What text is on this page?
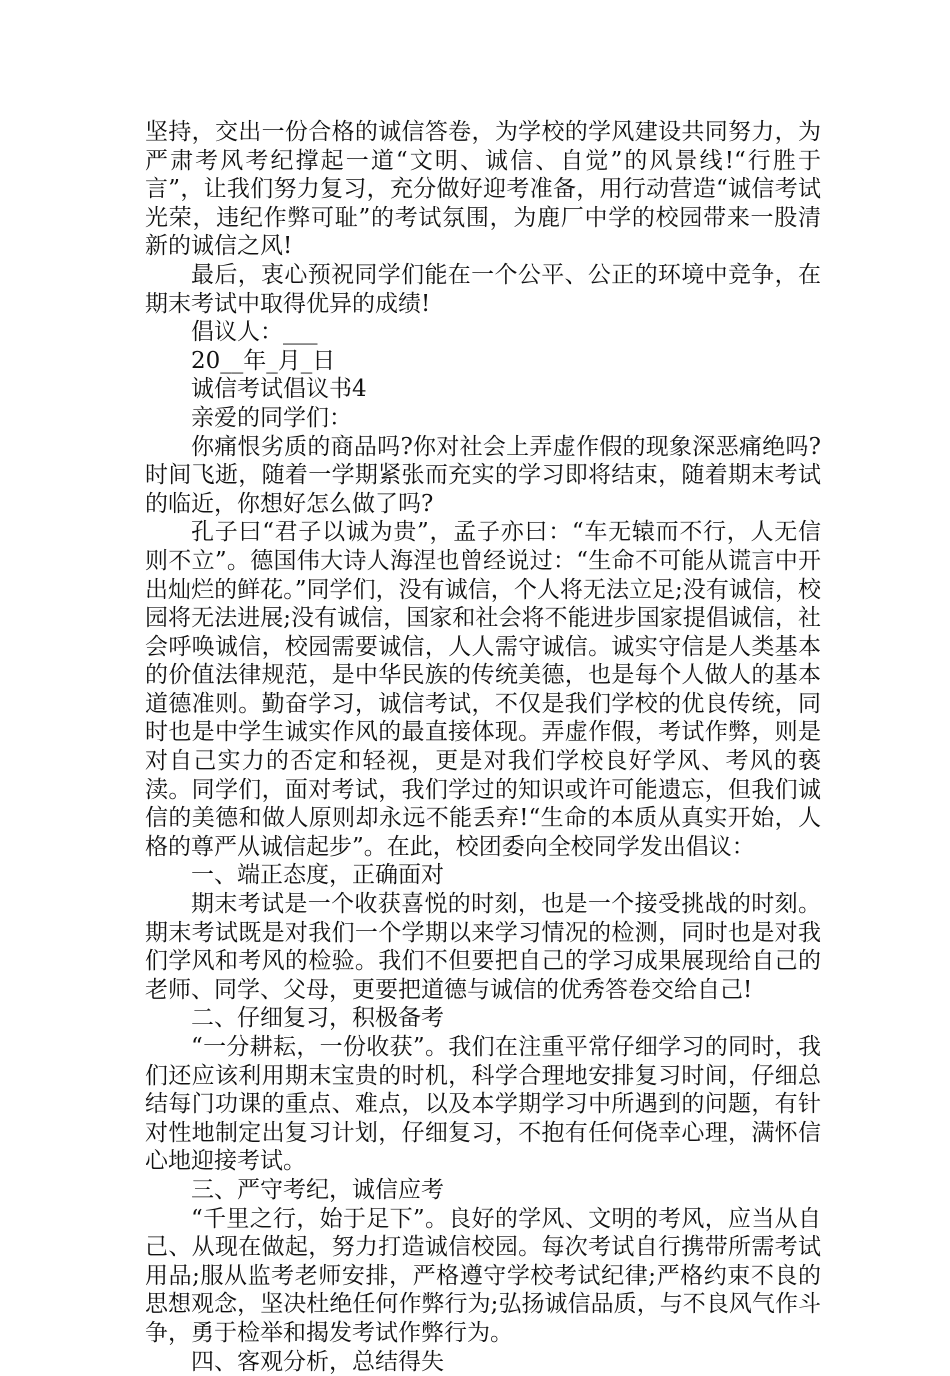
坚持，交出一份合格的诚信答卷，为学校的学风建设共同努力，为严肃考风考纪撑起一道“文明、诚信、自觉”的风景线!“行胜于言”，让我们努力复习，充分做好迎考准备，用行动营造“诚信考试光荣，违纪作弊可耻”的考试氛围，为鹿厂中学的校园带来一股清新的诚信之风!

最后，衷心预祝同学们能在一个公平、公正的环境中竞争，在期末考试中取得优异的成绩!

倡议人：___

20__年_月_日

诚信考试倡议书4

亲爱的同学们：

你痛恨劣质的商品吗?你对社会上弄虚作假的现象深恶痛绝吗?时间飞逝，随着一学期紧张而充实的学习即将结束，随着期末考试的临近，你想好怎么做了吗?

孔子曰“君子以诚为贵”，孟子亦曰：“车无辕而不行，人无信则不立”。德国伟大诗人海涅也曾经说过：“生命不可能从谎言中开出灿烂的鲜花。”同学们，没有诚信，个人将无法立足;没有诚信，校园将无法进展;没有诚信，国家和社会将不能进步国家提倡诚信，社会呼唤诚信，校园需要诚信，人人需守诚信。诚实守信是人类基本的价值法律规范，是中华民族的传统美德，也是每个人做人的基本道德准则。勤奋学习，诚信考试，不仅是我们学校的优良传统，同时也是中学生诚实作风的最直接体现。弄虚作假，考试作弊，则是对自己实力的否定和轻视，更是对我们学校良好学风、考风的亵渎。同学们，面对考试，我们学过的知识或许可能遗忘，但我们诚信的美德和做人原则却永远不能丢弃!“生命的本质从真实开始，人格的尊严从诚信起步”。在此，校团委向全校同学发出倡议：

一、端正态度，正确面对

期末考试是一个收获喜悦的时刻，也是一个接受挑战的时刻。期末考试既是对我们一个学期以来学习情况的检测，同时也是对我们学风和考风的检验。我们不但要把自己的学习成果展现给自己的老师、同学、父母，更要把道德与诚信的优秀答卷交给自己!

二、仔细复习，积极备考

“一分耕耘，一份收获”。我们在注重平常仔细学习的同时，我们还应该利用期末宝贵的时机，科学合理地安排复习时间，仔细总结每门功课的重点、难点，以及本学期学习中所遇到的问题，有针对性地制定出复习计划，仔细复习，不抱有任何侥幸心理，满怀信心地迎接考试。

三、严守考纪，诚信应考

“千里之行，始于足下”。良好的学风、文明的考风，应当从自己、从现在做起，努力打造诚信校园。每次考试自行携带所需考试用品;服从监考老师安排，严格遵守学校考试纪律;严格约束不良的思想观念，坚决杜绝任何作弊行为;弘扬诚信品质，与不良风气作斗争，勇于检举和揭发考试作弊行为。

四、客观分析，总结得失
